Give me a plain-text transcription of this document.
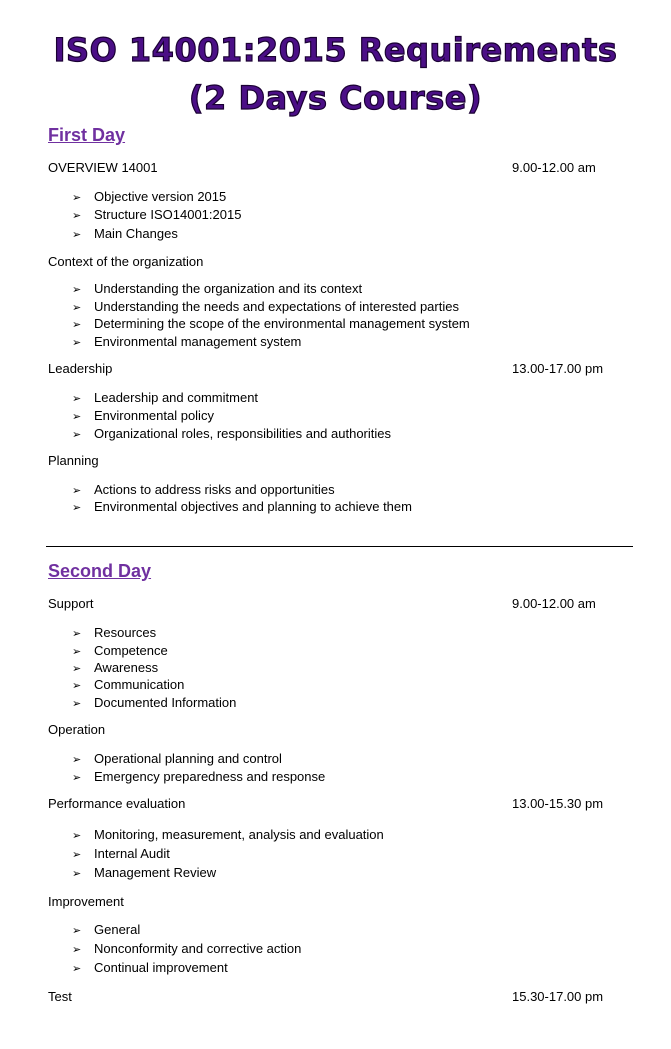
ISO 14001:2015 Requirements
(2 Days Course)
First Day
OVERVIEW 14001	9.00-12.00 am
➢ Objective version 2015
➢ Structure ISO14001:2015
➢ Main Changes
Context of the organization
➢ Understanding the organization and its context
➢ Understanding the needs and expectations of interested parties
➢ Determining the scope of the environmental management system
➢ Environmental management system
Leadership	13.00-17.00 pm
➢ Leadership and commitment
➢ Environmental policy
➢ Organizational roles, responsibilities and authorities
Planning
➢ Actions to address risks and opportunities
➢ Environmental objectives and planning to achieve them
Second Day
Support	9.00-12.00 am
➢ Resources
➢ Competence
➢ Awareness
➢ Communication
➢ Documented Information
Operation
➢ Operational planning and control
➢ Emergency preparedness and response
Performance evaluation	13.00-15.30 pm
➢ Monitoring, measurement, analysis and evaluation
➢ Internal Audit
➢ Management Review
Improvement
➢ General
➢ Nonconformity and corrective action
➢ Continual improvement
Test	15.30-17.00 pm
